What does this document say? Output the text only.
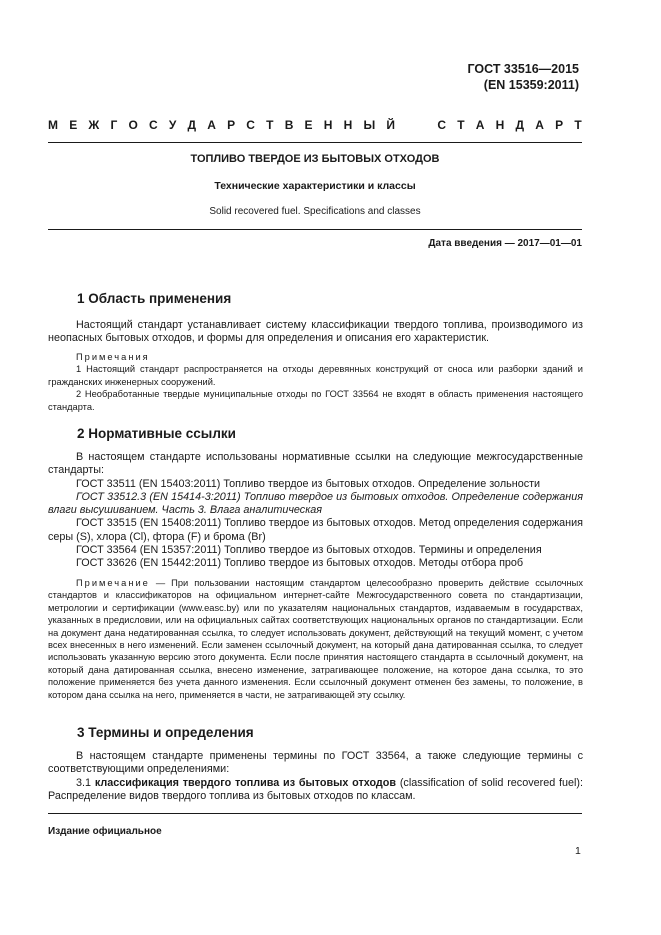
ГОСТ 33516—2015
(EN 15359:2011)
М Е Ж Г О С У Д А Р С Т В Е Н Н Ы Й	С Т А Н Д А Р Т
ТОПЛИВО ТВЕРДОЕ ИЗ БЫТОВЫХ ОТХОДОВ
Технические характеристики и классы
Solid recovered fuel. Specifications and classes
Дата введения — 2017—01—01
1 Область применения

Настоящий стандарт устанавливает систему классификации твердого топлива, производимого из неопасных бытовых отходов, и формы для определения и описания его характеристик.

Примечания

1 Настоящий стандарт распространяется на отходы деревянных конструкций от сноса или разборки зданий и гражданских инженерных сооружений.

2 Необработанные твердые муниципальные отходы по ГОСТ 33564 не входят в область применения настоящего стандарта.

2 Нормативные ссылки

В настоящем стандарте использованы нормативные ссылки на следующие межгосударственные стандарты:

ГОСТ 33511 (EN 15403:2011) Топливо твердое из бытовых отходов. Определение зольности

ГОСТ 33512.3 (EN 15414-3:2011) Топливо твердое из бытовых отходов. Определение содержания влаги высушиванием. Часть 3. Влага аналитическая

ГОСТ 33515 (EN 15408:2011) Топливо твердое из бытовых отходов. Метод определения содержания серы (S), хлора (Cl), фтора (F) и брома (Br)

ГОСТ 33564 (EN 15357:2011) Топливо твердое из бытовых отходов. Термины и определения

ГОСТ 33626 (EN 15442:2011) Топливо твердое из бытовых отходов. Методы отбора проб

Примечание — При пользовании настоящим стандартом целесообразно проверить действие ссылочных стандартов и классификаторов на официальном интернет-сайте Межгосударственного совета по стандартизации, метрологии и сертификации (www.easc.by) или по указателям национальных стандартов, издаваемым в государствах, указанных в предисловии, или на официальных сайтах соответствующих национальных органов по стандартизации. Если на документ дана недатированная ссылка, то следует использовать документ, действующий на текущий момент, с учетом всех внесенных в него изменений. Если заменен ссылочный документ, на который дана датированная ссылка, то следует использовать указанную версию этого документа. Если после принятия настоящего стандарта в ссылочный документ, на который дана датированная ссылка, внесено изменение, затрагивающее положение, на которое дана ссылка, то это положение применяется без учета данного изменения. Если ссылочный документ отменен без замены, то положение, в котором дана ссылка на него, применяется в части, не затрагивающей эту ссылку.

3 Термины и определения

В настоящем стандарте применены термины по ГОСТ 33564, а также следующие термины с соответствующими определениями:

3.1 классификация твердого топлива из бытовых отходов (classification of solid recovered fuel): Распределение видов твердого топлива из бытовых отходов по классам.

Издание официальное
1
